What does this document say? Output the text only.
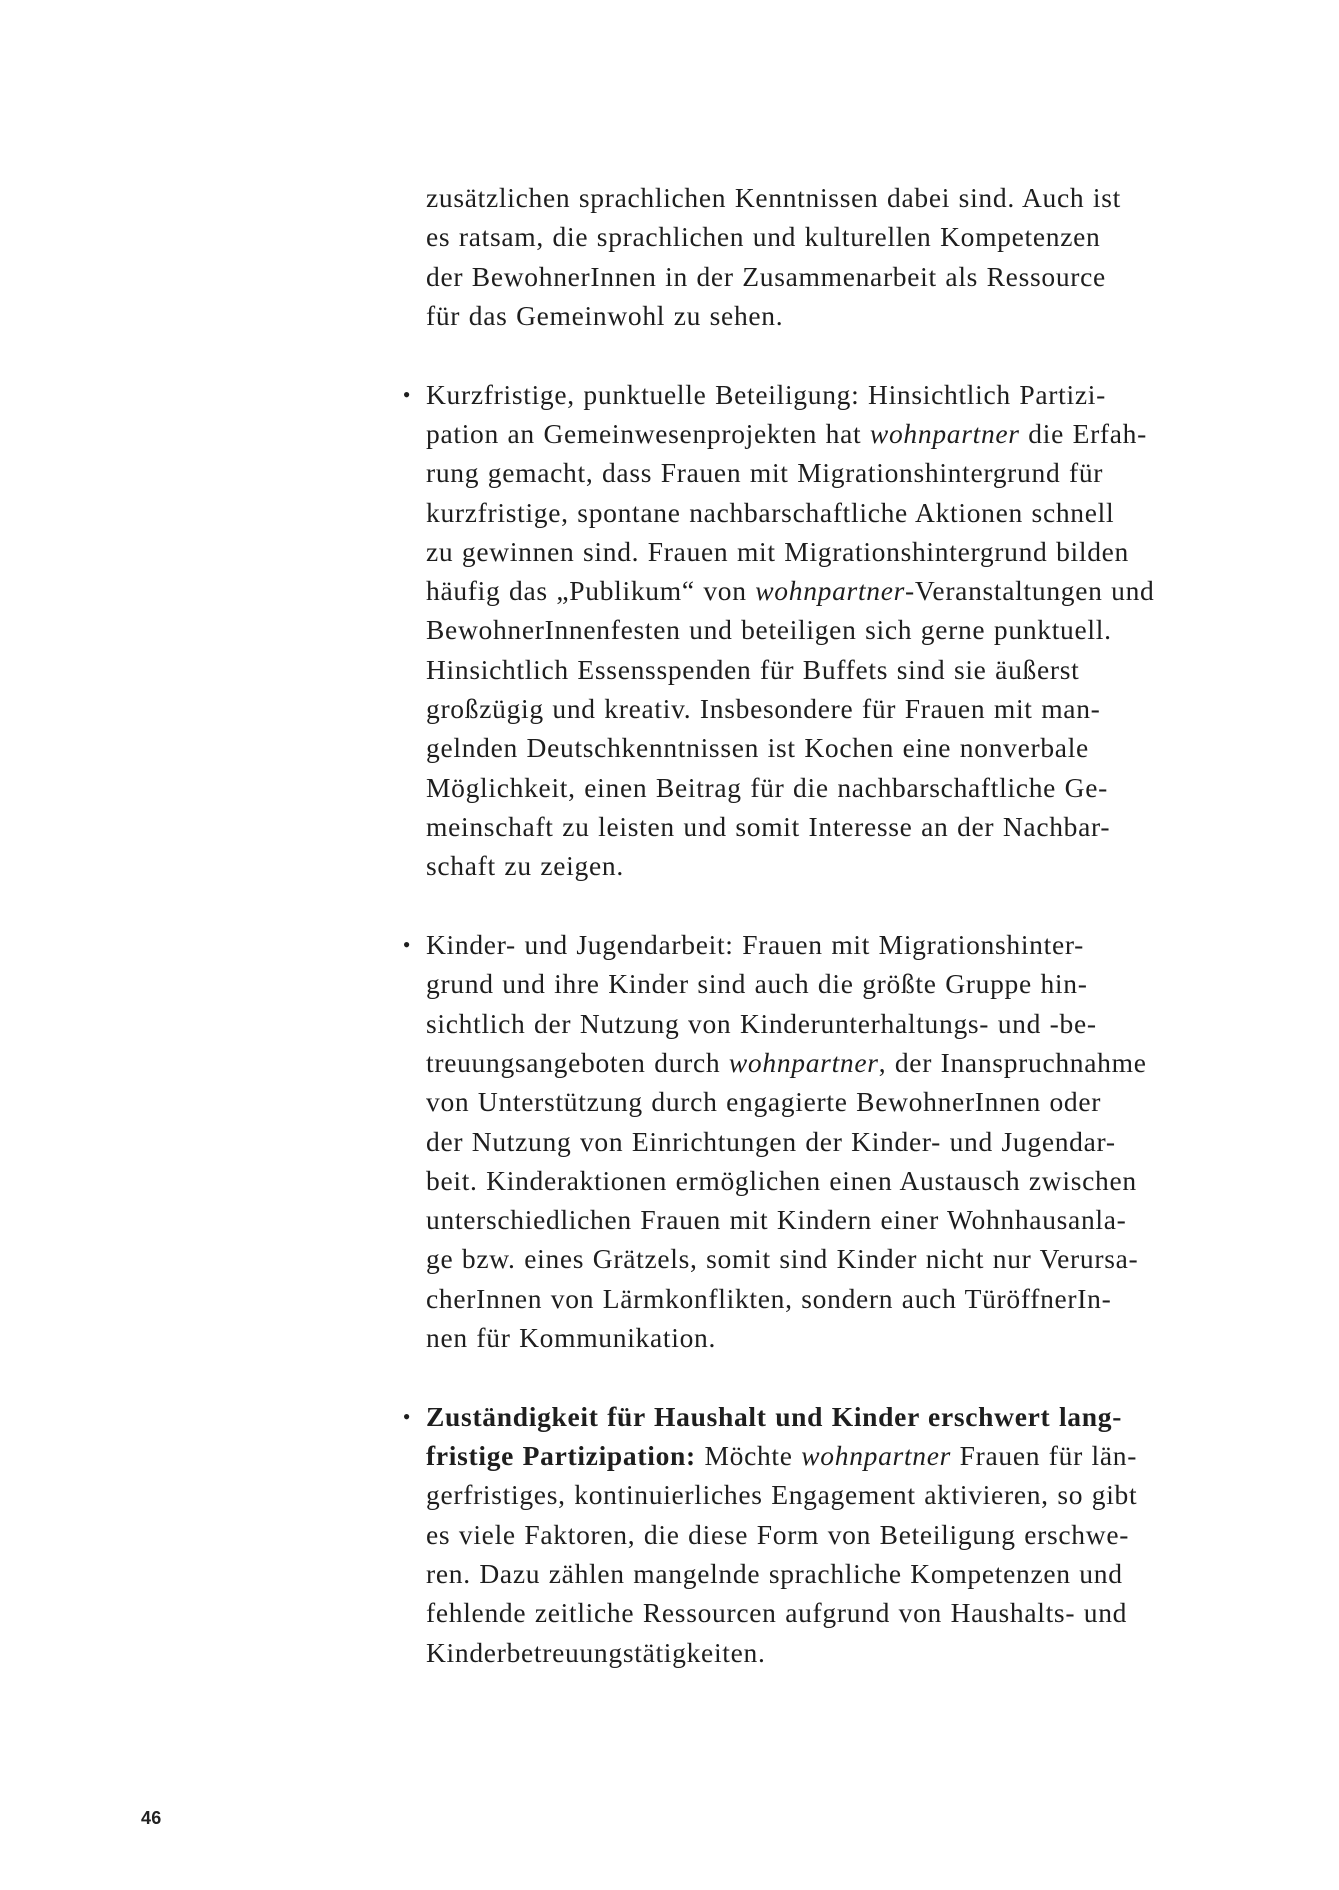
zusätzlichen sprachlichen Kenntnissen dabei sind. Auch ist
es ratsam, die sprachlichen und kulturellen Kompetenzen
der BewohnerInnen in der Zusammenarbeit als Ressource
für das Gemeinwohl zu sehen.
• Kurzfristige, punktuelle Beteiligung: Hinsichtlich Partizi-
pation an Gemeinwesenprojekten hat wohnpartner die Erfah-
rung gemacht, dass Frauen mit Migrationshintergrund für
kurzfristige, spontane nachbarschaftliche Aktionen schnell
zu gewinnen sind. Frauen mit Migrationshintergrund bilden
häufig das „Publikum“ von wohnpartner-Veranstaltungen und
BewohnerInnenfesten und beteiligen sich gerne punktuell.
Hinsichtlich Essensspenden für Buffets sind sie äußerst
großzügig und kreativ. Insbesondere für Frauen mit man-
gelnden Deutschkenntnissen ist Kochen eine nonverbale
Möglichkeit, einen Beitrag für die nachbarschaftliche Ge-
meinschaft zu leisten und somit Interesse an der Nachbar-
schaft zu zeigen.
• Kinder- und Jugendarbeit: Frauen mit Migrationshinter-
grund und ihre Kinder sind auch die größte Gruppe hin-
sichtlich der Nutzung von Kinderunterhaltungs- und -be-
treuungsangeboten durch wohnpartner, der Inanspruchnahme
von Unterstützung durch engagierte BewohnerInnen oder
der Nutzung von Einrichtungen der Kinder- und Jugendar-
beit. Kinderaktionen ermöglichen einen Austausch zwischen
unterschiedlichen Frauen mit Kindern einer Wohnhausanla-
ge bzw. eines Grätzels, somit sind Kinder nicht nur Verursa-
cherInnen von Lärmkonflikten, sondern auch TüröffnerIn-
nen für Kommunikation.
• Zuständigkeit für Haushalt und Kinder erschwert lang-
fristige Partizipation: Möchte wohnpartner Frauen für län-
gerfristiges, kontinuierliches Engagement aktivieren, so gibt
es viele Faktoren, die diese Form von Beteiligung erschwe-
ren. Dazu zählen mangelnde sprachliche Kompetenzen und
fehlende zeitliche Ressourcen aufgrund von Haushalts- und
Kinderbetreuungstätigkeiten.
46
